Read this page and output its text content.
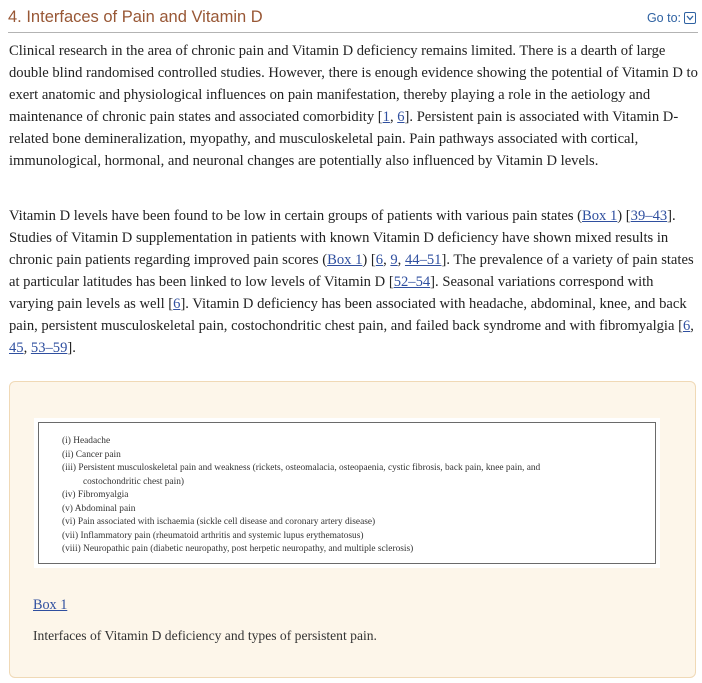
4. Interfaces of Pain and Vitamin D	Go to:

Clinical research in the area of chronic pain and Vitamin D deficiency remains limited. There is a dearth of large double blind randomised controlled studies. However, there is enough evidence showing the potential of Vitamin D to exert anatomic and physiological influences on pain manifestation, thereby playing a role in the aetiology and maintenance of chronic pain states and associated comorbidity [1, 6]. Persistent pain is associated with Vitamin D-related bone demineralization, myopathy, and musculoskeletal pain. Pain pathways associated with cortical, immunological, hormonal, and neuronal changes are potentially also influenced by Vitamin D levels.

Vitamin D levels have been found to be low in certain groups of patients with various pain states (Box 1) [39–43]. Studies of Vitamin D supplementation in patients with known Vitamin D deficiency have shown mixed results in chronic pain patients regarding improved pain scores (Box 1) [6, 9, 44–51]. The prevalence of a variety of pain states at particular latitudes has been linked to low levels of Vitamin D [52–54]. Seasonal variations correspond with varying pain levels as well [6]. Vitamin D deficiency has been associated with headache, abdominal, knee, and back pain, persistent musculoskeletal pain, costochondritic chest pain, and failed back syndrome and with fibromyalgia [6, 45, 53–59].

(i) Headache
(ii) Cancer pain
(iii) Persistent musculoskeletal pain and weakness (rickets, osteomalacia, osteopaenia, cystic fibrosis, back pain, knee pain, and
costochondritic chest pain)
(iv) Fibromyalgia
(v) Abdominal pain
(vi) Pain associated with ischaemia (sickle cell disease and coronary artery disease)
(vii) Inflammatory pain (rheumatoid arthritis and systemic lupus erythematosus)
(viii) Neuropathic pain (diabetic neuropathy, post herpetic neuropathy, and multiple sclerosis)
Box 1
Interfaces of Vitamin D deficiency and types of persistent pain.
